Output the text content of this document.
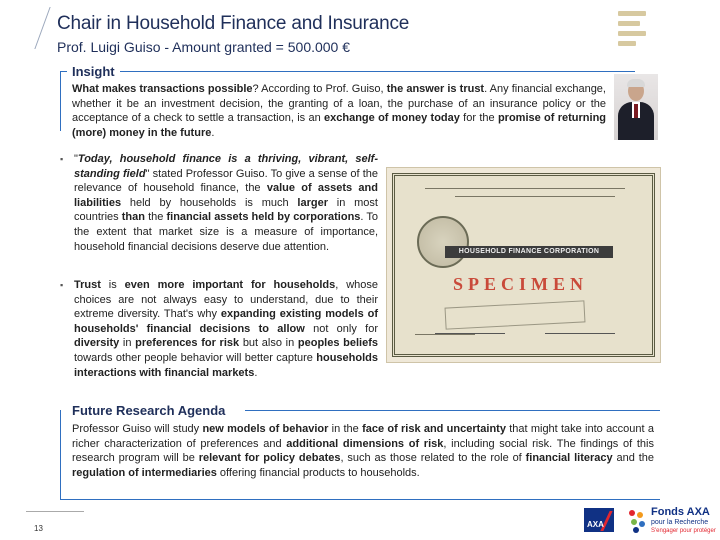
Chair in Household Finance and Insurance
Prof. Luigi Guiso - Amount granted = 500.000 €
Insight
What makes transactions possible? According to Prof. Guiso, the answer is trust. Any financial exchange, whether it be an investment decision, the granting of a loan, the purchase of an insurance policy or the acceptance of a check to settle a transaction, is an exchange of money today for the promise of returning (more) money in the future.
▪ "Today, household finance is a thriving, vibrant, self-standing field" stated Professor Guiso. To give a sense of the relevance of household finance, the value of assets and liabilities held by households is much larger in most countries than the financial assets held by corporations. To the extent that market size is a measure of importance, household financial decisions deserve due attention.
▪ Trust is even more important for households, whose choices are not always easy to understand, due to their extreme diversity. That's why expanding existing models of households' financial decisions to allow not only for diversity in preferences for risk but also in peoples beliefs towards other people behavior will better capture households interactions with financial markets.
HOUSEHOLD FINANCE CORPORATION
SPECIMEN
Future Research Agenda
Professor Guiso will study new models of behavior in the face of risk and uncertainty that might take into account a richer characterization of preferences and additional dimensions of risk, including social risk. The findings of this research program will be relevant for policy debates, such as those related to the role of financial literacy and the regulation of intermediaries offering financial products to households.
13	AXA
Fonds AXA
pour la Recherche
S'engager pour protéger
